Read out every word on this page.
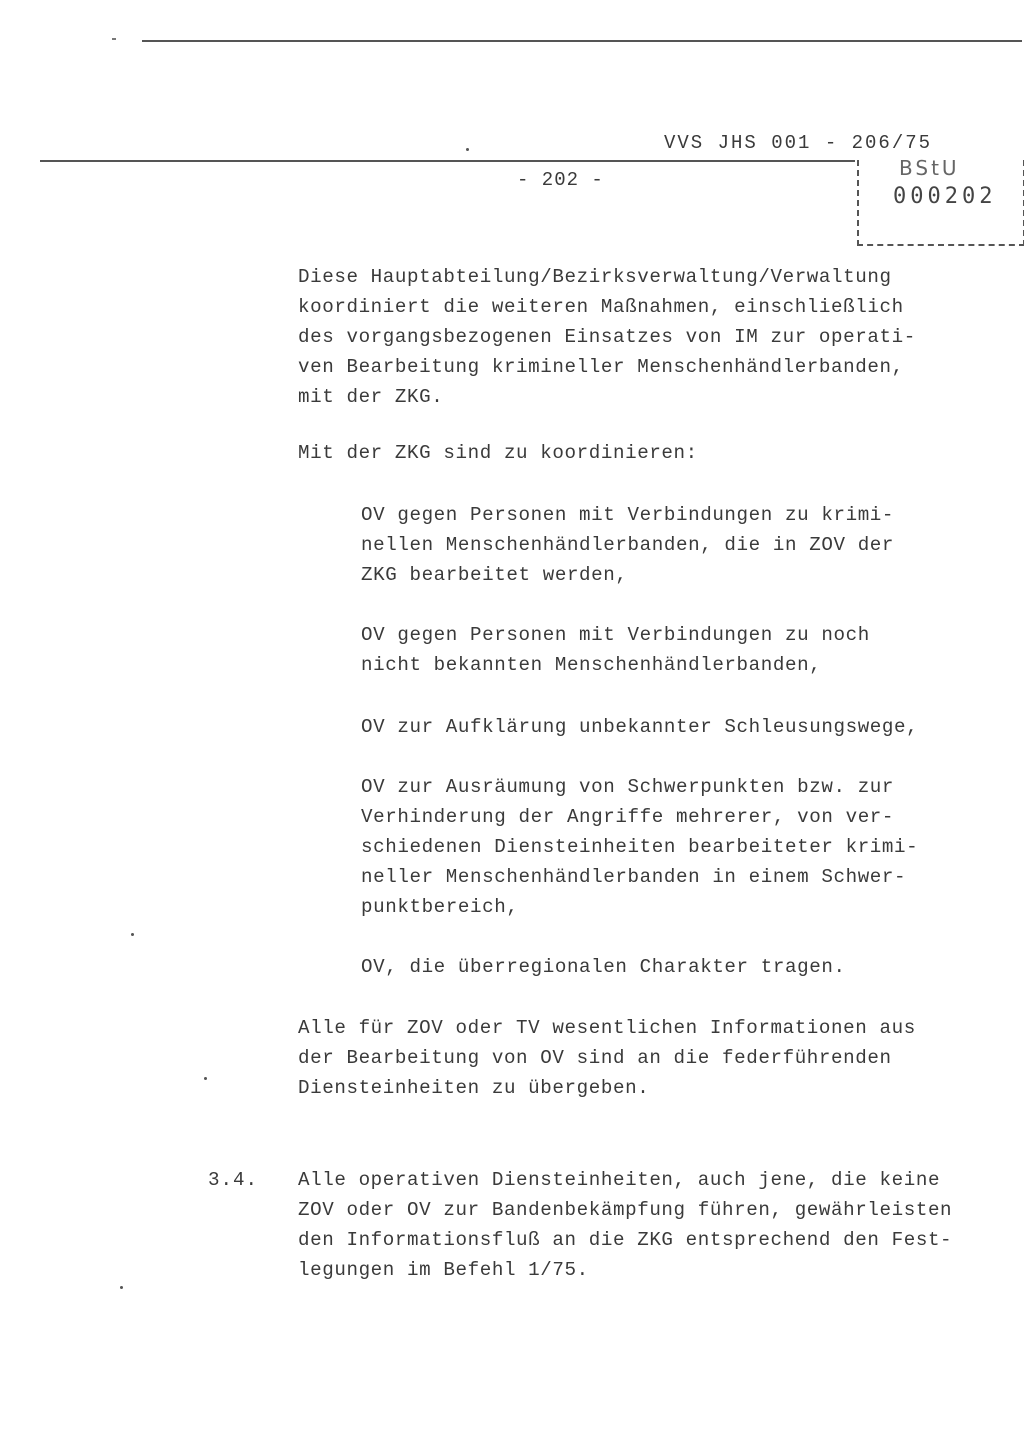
VVS JHS 001 - 206/75
BStU
000202
- 202 -

Diese Hauptabteilung/Bezirksverwaltung/Verwaltung
koordiniert die weiteren Maßnahmen, einschließlich
des vorgangsbezogenen Einsatzes von IM zur operati-
ven Bearbeitung krimineller Menschenhändlerbanden,
mit der ZKG.

Mit der ZKG sind zu koordinieren:

OV gegen Personen mit Verbindungen zu krimi-
nellen Menschenhändlerbanden, die in ZOV der
ZKG bearbeitet werden,

OV gegen Personen mit Verbindungen zu noch
nicht bekannten Menschenhändlerbanden,

OV zur Aufklärung unbekannter Schleusungswege,

OV zur Ausräumung von Schwerpunkten bzw. zur
Verhinderung der Angriffe mehrerer, von ver-
schiedenen Diensteinheiten bearbeiteter krimi-
neller Menschenhändlerbanden in einem Schwer-
punktbereich,

OV, die überregionalen Charakter tragen.

Alle für ZOV oder TV wesentlichen Informationen aus
der Bearbeitung von OV sind an die federführenden
Diensteinheiten zu übergeben.

3.4. Alle operativen Diensteinheiten, auch jene, die keine
ZOV oder OV zur Bandenbekämpfung führen, gewährleisten
den Informationsfluß an die ZKG entsprechend den Fest-
legungen im Befehl 1/75.
